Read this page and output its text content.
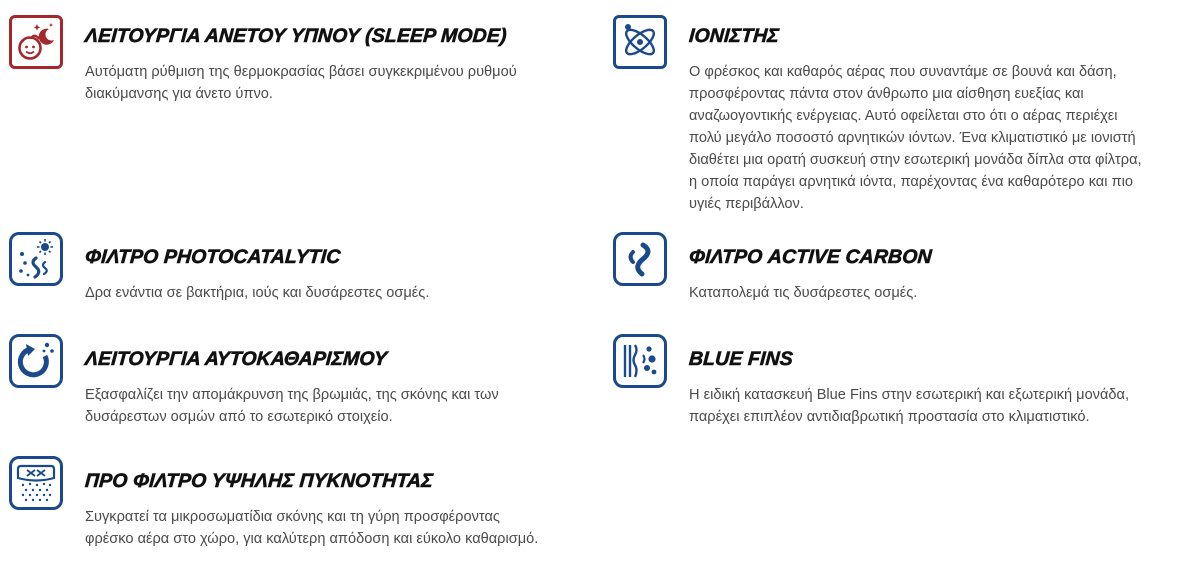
ΛΕΙΤΟΥΡΓΙΑ ΑΝΕΤΟΥ ΥΠΝΟΥ (SLEEP MODE)

Αυτόματη ρύθμιση της θερμοκρασίας βάσει συγκεκριμένου ρυθμού
διακύμανσης για άνετο ύπνο.

ΙΟΝΙΣΤΗΣ

Ο φρέσκος και καθαρός αέρας που συναντάμε σε βουνά και δάση,
προσφέροντας πάντα στον άνθρωπο μια αίσθηση ευεξίας και
αναζωογοντικής ενέργειας. Αυτό οφείλεται στο ότι ο αέρας περιέχει
πολύ μεγάλο ποσοστό αρνητικών ιόντων. Ένα κλιματιστικό με ιονιστή
διαθέτει μια ορατή συσκευή στην εσωτερική μονάδα δίπλα στα φίλτρα,
η οποία παράγει αρνητικά ιόντα, παρέχοντας ένα καθαρότερο και πιο
υγιές περιβάλλον.

ΦΙΛΤΡΟ PHOTOCATALYTIC

Δρα ενάντια σε βακτήρια, ιούς και δυσάρεστες οσμές.

ΦΙΛΤΡΟ ACTIVE CARBON

Καταπολεμά τις δυσάρεστες οσμές.

ΛΕΙΤΟΥΡΓΙΑ ΑΥΤΟΚΑΘΑΡΙΣΜΟΥ

Εξασφαλίζει την απομάκρυνση της βρωμιάς, της σκόνης και των
δυσάρεστων οσμών από το εσωτερικό στοιχείο.

BLUE FINS

Η ειδική κατασκευή Blue Fins στην εσωτερική και εξωτερική μονάδα,
παρέχει επιπλέον αντιδιαβρωτική προστασία στο κλιματιστικό.

ΠΡΟ ΦΙΛΤΡΟ ΥΨΗΛΗΣ ΠΥΚΝΟΤΗΤΑΣ

Συγκρατεί τα μικροσωματίδια σκόνης και τη γύρη προσφέροντας
φρέσκο αέρα στο χώρο, για καλύτερη απόδοση και εύκολο καθαρισμό.
